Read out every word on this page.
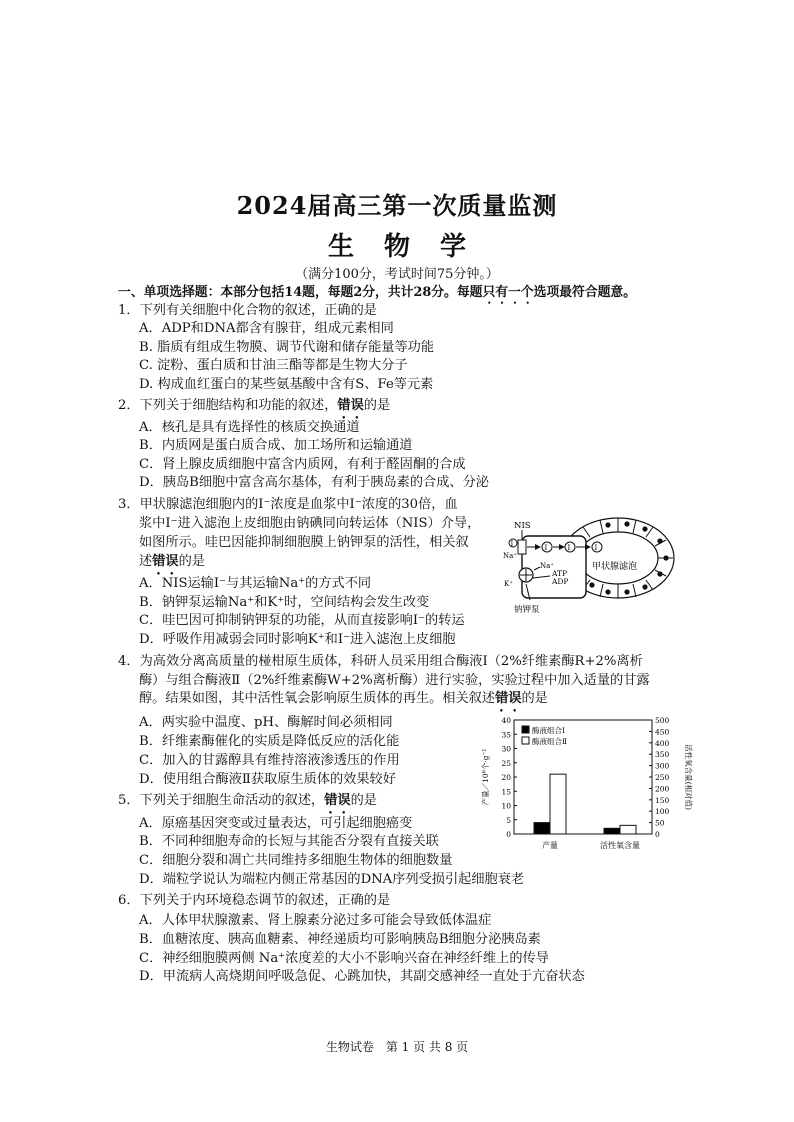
2024届高三第一次质量监测
生物学
（满分100分，考试时间75分钟。）
一、单项选择题：本部分包括14题，每题2分，共计28分。每题只有一个选项最符合题意。
1．下列有关细胞中化合物的叙述，正确的是
A．ADP和DNA都含有腺苷，组成元素相同
B. 脂质有组成生物膜、调节代谢和储存能量等功能
C. 淀粉、蛋白质和甘油三酯等都是生物大分子
D. 构成血红蛋白的某些氨基酸中含有S、Fe等元素
2．下列关于细胞结构和功能的叙述，错误的是
A．核孔是具有选择性的核质交换通道
B．内质网是蛋白质合成、加工场所和运输通道
C．肾上腺皮质细胞中富含内质网，有利于醛固酮的合成
D．胰岛B细胞中富含高尔基体，有利于胰岛素的合成、分泌
3．甲状腺滤泡细胞内的I⁻浓度是血浆中I⁻浓度的30倍，血
浆中I⁻进入滤泡上皮细胞由钠碘同向转运体（NIS）介导，
如图所示。哇巴因能抑制细胞膜上钠钾泵的活性，相关叙
述错误的是
A．NIS运输I⁻与其运输Na⁺的方式不同
B．钠钾泵运输Na⁺和K⁺时，空间结构会发生改变
C．哇巴因可抑制钠钾泵的功能，从而直接影响I⁻的转运
D．呼吸作用减弱会同时影响K⁺和I⁻进入滤泡上皮细胞
NIS
I
Na⁺
I	I	I
Na⁺
ATP
ADP
K⁺
钠钾泵
甲状腺滤泡
4．为高效分离高质量的椪柑原生质体，科研人员采用组合酶液Ⅰ（2%纤维素酶R+2%离析
酶）与组合酶液Ⅱ（2%纤维素酶W+2%离析酶）进行实验，实验过程中加入适量的甘露
醇。结果如图，其中活性氧会影响原生质体的再生。相关叙述错误的是
A．两实验中温度、pH、酶解时间必须相同
B．纤维素酶催化的实质是降低反应的活化能
C．加入的甘露醇具有维持溶液渗透压的作用
D．使用组合酶液Ⅱ获取原生质体的效果较好
0
5
10
15
20
25
30
35
40
0
50
100
150
200
250
300
350
400
450
500
产量／10⁶个·g⁻¹	活性氧含量(相对值)
产量	活性氧含量
酶液组合Ⅰ
酶液组合Ⅱ
5．下列关于细胞生命活动的叙述，错误的是
A．原癌基因突变或过量表达，可引起细胞癌变
B．不同种细胞寿命的长短与其能否分裂有直接关联
C．细胞分裂和凋亡共同维持多细胞生物体的细胞数量
D．端粒学说认为端粒内侧正常基因的DNA序列受损引起细胞衰老
6．下列关于内环境稳态调节的叙述，正确的是
A．人体甲状腺激素、肾上腺素分泌过多可能会导致低体温症
B．血糖浓度、胰高血糖素、神经递质均可影响胰岛B细胞分泌胰岛素
C．神经细胞膜两侧 Na⁺浓度差的大小不影响兴奋在神经纤维上的传导
D．甲流病人高烧期间呼吸急促、心跳加快，其副交感神经一直处于亢奋状态
生物试卷　第 1 页 共 8 页
